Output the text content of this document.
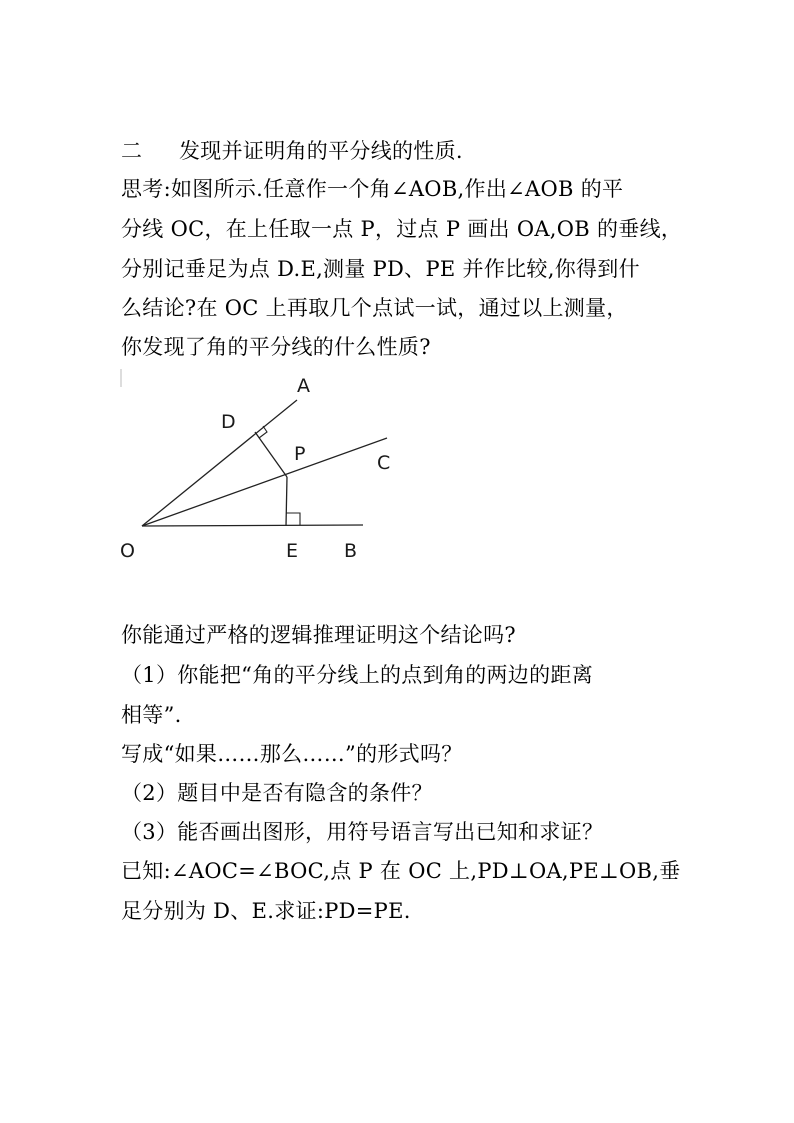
二 发现并证明角的平分线的性质.
思考:如图所示.任意作一个角∠AOB,作出∠AOB 的平
分线 OC，在上任取一点 P，过点 P 画出 OA,OB 的垂线，
分别记垂足为点 D.E,测量 PD、PE 并作比较,你得到什
么结论?在 OC 上再取几个点试一试，通过以上测量，
你发现了角的平分线的什么性质?
A
D
P	C
O	E B
你能通过严格的逻辑推理证明这个结论吗?
（1）你能把“角的平分线上的点到角的两边的距离
相等”.
写成“如果……那么……”的形式吗？
（2）题目中是否有隐含的条件？
（3）能否画出图形，用符号语言写出已知和求证？
已知:∠AOC=∠BOC,点 P 在 OC 上,PD⊥OA,PE⊥OB,垂
足分别为 D、E.求证:PD=PE.
